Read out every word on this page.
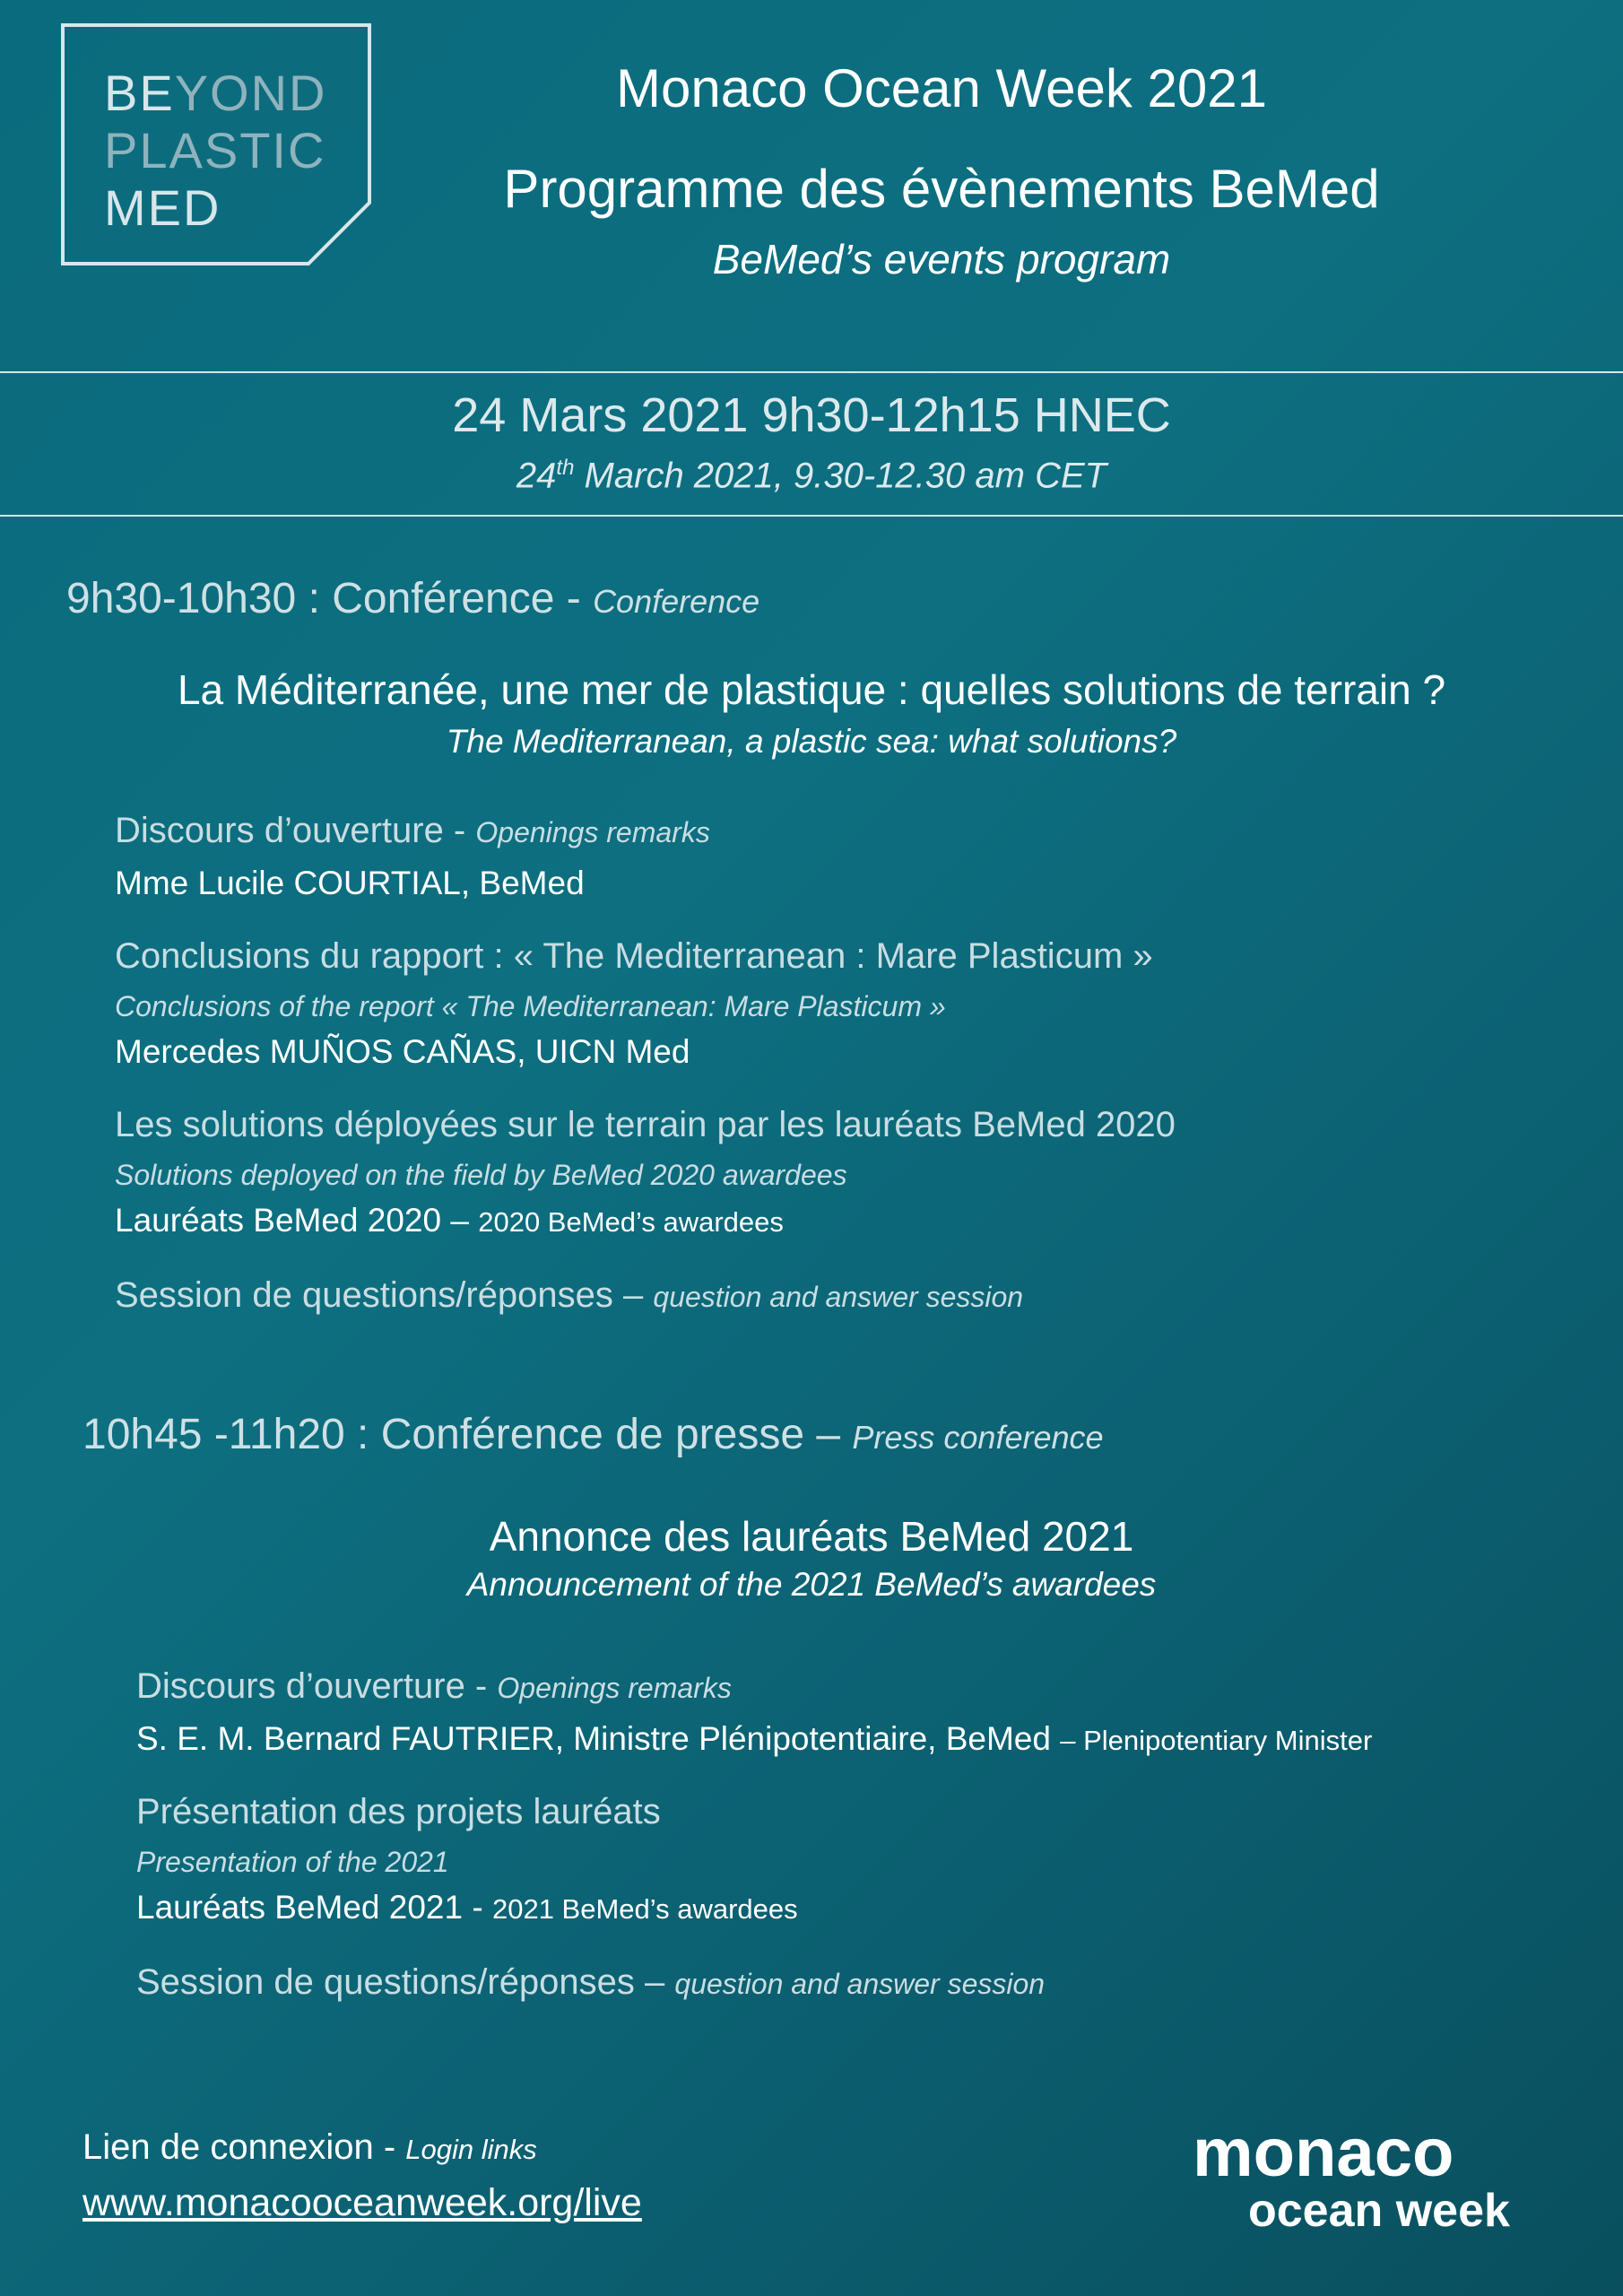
BEYOND
PLASTIC
MED
Monaco Ocean Week 2021
Programme des évènements BeMed
BeMed’s events program
24 Mars 2021 9h30-12h15 HNEC
24th March 2021, 9.30-12.30 am CET
9h30-10h30 : Conférence - Conference
La Méditerranée, une mer de plastique : quelles solutions de terrain ?
The Mediterranean, a plastic sea: what solutions?
Discours d’ouverture - Openings remarks
Mme Lucile COURTIAL, BeMed
Conclusions du rapport : « The Mediterranean : Mare Plasticum »
Conclusions of the report « The Mediterranean: Mare Plasticum »
Mercedes MUÑOS CAÑAS, UICN Med
Les solutions déployées sur le terrain par les lauréats BeMed 2020
Solutions deployed on the field by BeMed 2020 awardees
Lauréats BeMed 2020 – 2020 BeMed’s awardees
Session de questions/réponses – question and answer session
10h45 -11h20 : Conférence de presse – Press conference
Annonce des lauréats BeMed 2021
Announcement of the 2021 BeMed’s awardees
Discours d’ouverture - Openings remarks
S. E. M. Bernard FAUTRIER, Ministre Plénipotentiaire, BeMed – Plenipotentiary Minister
Présentation des projets lauréats
Presentation of the 2021
Lauréats BeMed 2021 - 2021 BeMed’s awardees
Session de questions/réponses – question and answer session
Lien de connexion - Login links
www.monacooceanweek.org/live
monaco
ocean week
